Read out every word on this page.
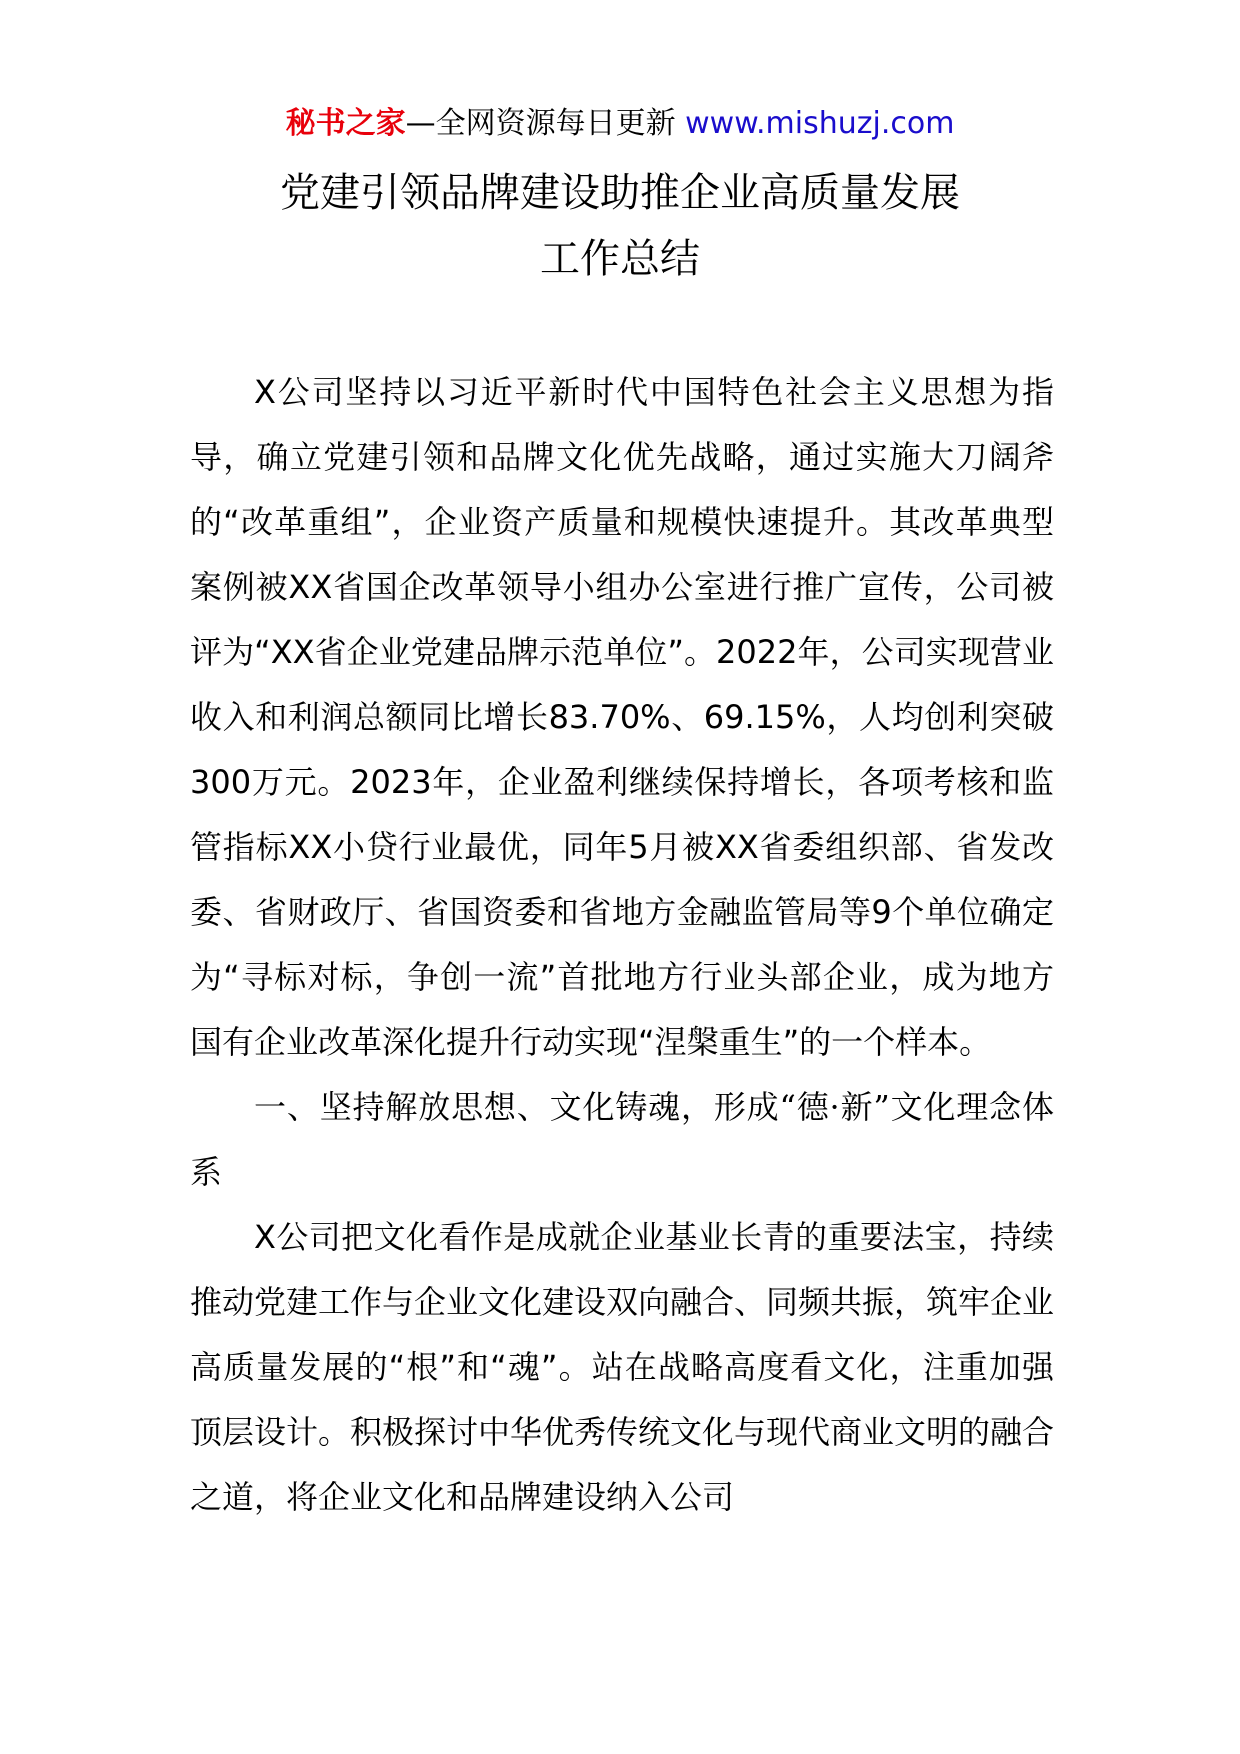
秘书之家—全网资源每日更新 www.mishuzj.com
党建引领品牌建设助推企业高质量发展
工作总结

X公司坚持以习近平新时代中国特色社会主义思想为指导，确立党建引领和品牌文化优先战略，通过实施大刀阔斧的“改革重组”，企业资产质量和规模快速提升。其改革典型案例被XX省国企改革领导小组办公室进行推广宣传，公司被评为“XX省企业党建品牌示范单位”。2022年，公司实现营业收入和利润总额同比增长83.70%、69.15%，人均创利突破300万元。2023年，企业盈利继续保持增长，各项考核和监管指标XX小贷行业最优，同年5月被XX省委组织部、省发改委、省财政厅、省国资委和省地方金融监管局等9个单位确定为“寻标对标，争创一流”首批地方行业头部企业，成为地方国有企业改革深化提升行动实现“涅槃重生”的一个样本。

一、坚持解放思想、文化铸魂，形成“德·新”文化理念体系

X公司把文化看作是成就企业基业长青的重要法宝，持续推动党建工作与企业文化建设双向融合、同频共振，筑牢企业高质量发展的“根”和“魂”。站在战略高度看文化，注重加强顶层设计。积极探讨中华优秀传统文化与现代商业文明的融合之道，将企业文化和品牌建设纳入公司
